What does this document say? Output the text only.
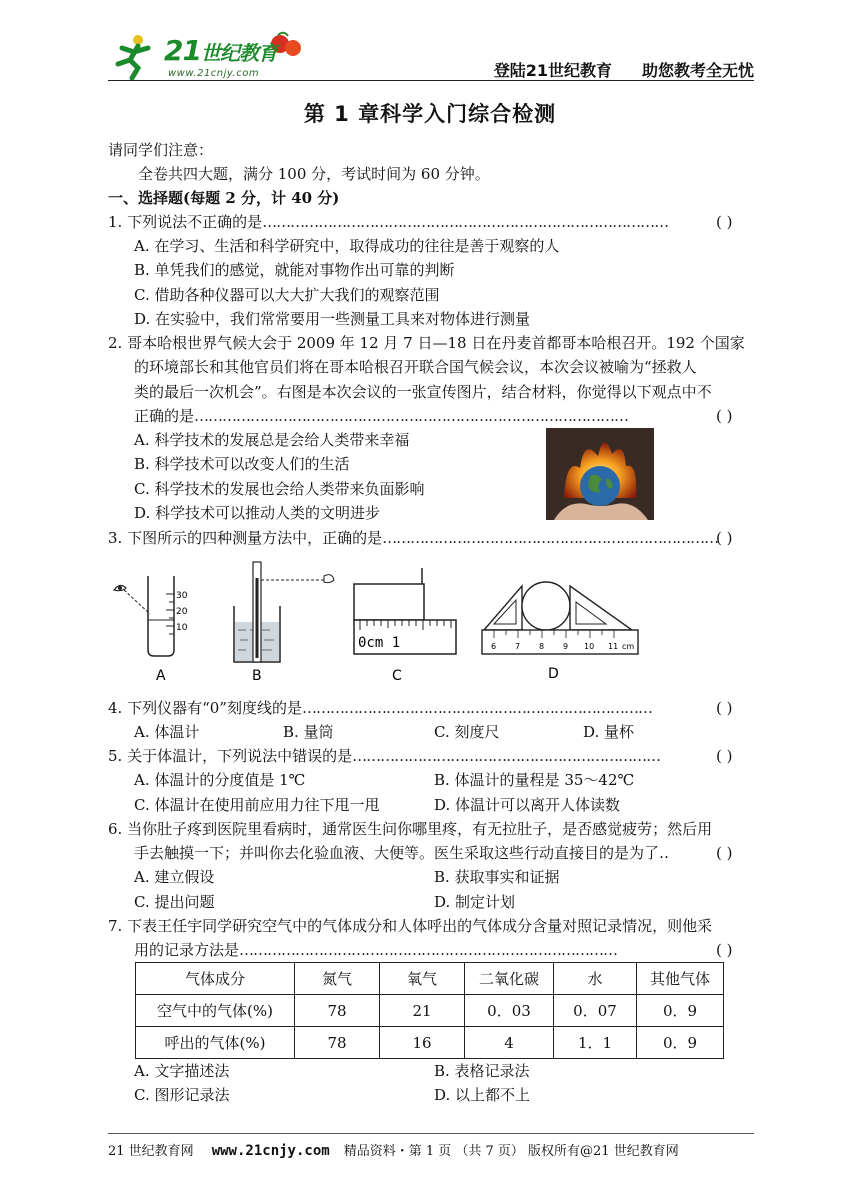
21世纪教育
www.21cnjy.com	登陆21世纪教育 助您教考全无忧
第 1 章科学入门综合检测
请同学们注意：
全卷共四大题，满分 100 分，考试时间为 60 分钟。
一、选择题(每题 2 分，计 40 分)
1. 下列说法不正确的是……………………………………………………………………………	( )
A. 在学习、生活和科学研究中，取得成功的往往是善于观察的人
B. 单凭我们的感觉，就能对事物作出可靠的判断
C. 借助各种仪器可以大大扩大我们的观察范围
D. 在实验中，我们常常要用一些测量工具来对物体进行测量
2. 哥本哈根世界气候大会于 2009 年 12 月 7 日—18 日在丹麦首都哥本哈根召开。192 个国家
的环境部长和其他官员们将在哥本哈根召开联合国气候会议，本次会议被喻为“拯救人
类的最后一次机会”。右图是本次会议的一张宣传图片，结合材料，你觉得以下观点中不
正确的是…………………………………………………………………………………	( )
A. 科学技术的发展总是会给人类带来幸福
B. 科学技术可以改变人们的生活
C. 科学技术的发展也会给人类带来负面影响
D. 科学技术可以推动人类的文明进步
3. 下图所示的四种测量方法中，正确的是………………………………………………………………
( )
30
20
10
A	B
0cm 1
C
6 7 8 9 10 11 cm
D
4. 下列仪器有“0”刻度线的是…………………………………………………………………	( )
A. 体温计	B. 量筒	C. 刻度尺	D. 量杯
5. 关于体温计，下列说法中错误的是…………………………………………………………	( )
A. 体温计的分度值是 1℃	B. 体温计的量程是 35～42℃
C. 体温计在使用前应用力往下甩一甩	D. 体温计可以离开人体读数
6. 当你肚子疼到医院里看病时，通常医生问你哪里疼，有无拉肚子，是否感觉疲劳；然后用
手去触摸一下；并叫你去化验血液、大便等。医生采取这些行动直接目的是为了‥	( )
A. 建立假设	B. 获取事实和证据
C. 提出问题	D. 制定计划
7. 下表王任宇同学研究空气中的气体成分和人体呼出的气体成分含量对照记录情况，则他采
用的记录方法是………………………………………………………………………	( )
气体成分	氮气	氧气	二氧化碳	水	其他气体
空气中的气体(%)	78	21	0．03	0．07	0．9
呼出的气体(%)	78	16	4	1．1	0．9
A. 文字描述法	B. 表格记录法
C. 图形记录法	D. 以上都不上
21 世纪教育网 www.21cnjy.com 精品资料・第 1 页 （共 7 页） 版权所有@21 世纪教育网
